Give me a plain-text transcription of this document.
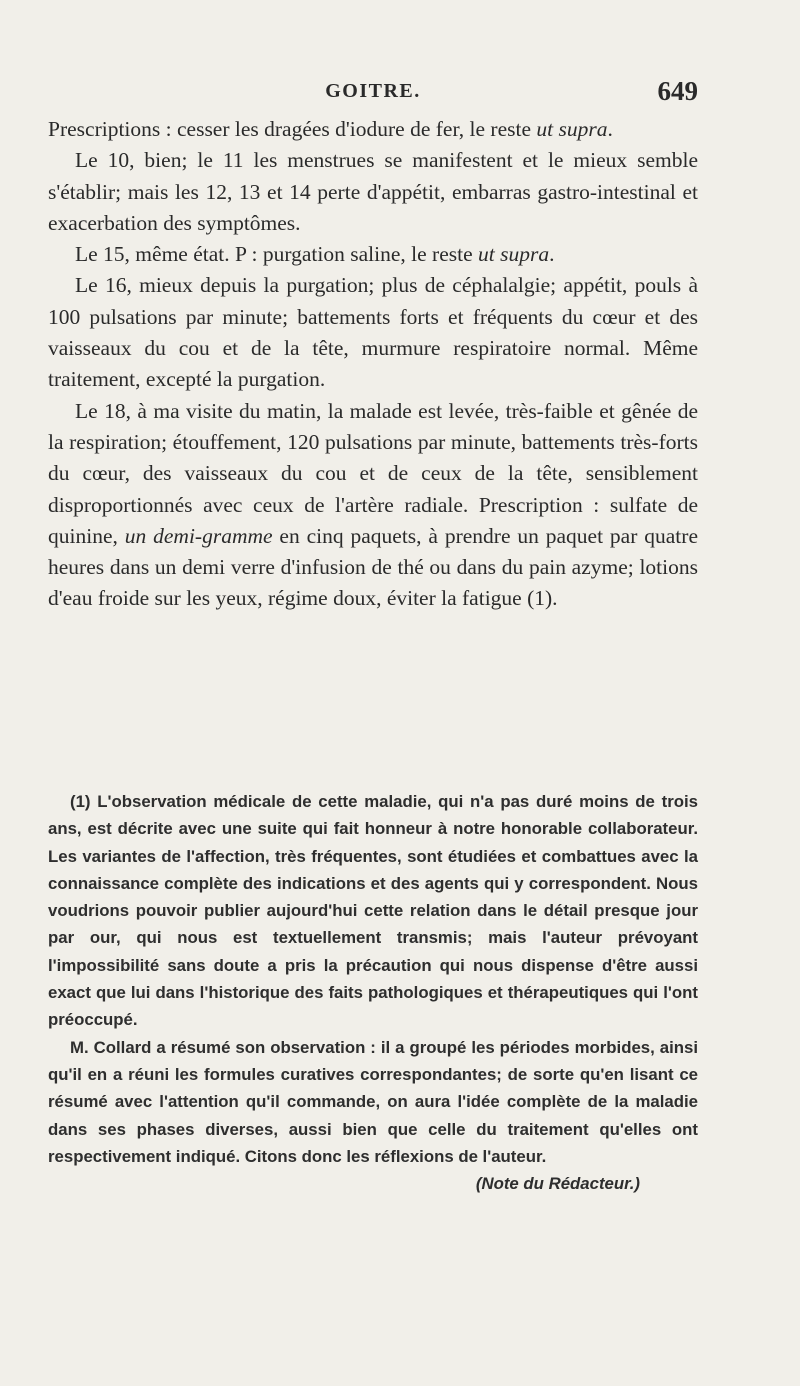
GOITRE.	649

Prescriptions : cesser les dragées d'iodure de fer, le reste ut supra.

Le 10, bien; le 11 les menstrues se manifestent et le mieux semble s'établir; mais les 12, 13 et 14 perte d'appétit, embarras gastro-intestinal et exacerbation des symptômes.

Le 15, même état. P : purgation saline, le reste ut supra.

Le 16, mieux depuis la purgation; plus de céphalalgie; appétit, pouls à 100 pulsations par minute; battements forts et fréquents du cœur et des vaisseaux du cou et de la tête, murmure respiratoire normal. Même traitement, excepté la purgation.

Le 18, à ma visite du matin, la malade est levée, très-faible et gênée de la respiration; étouffement, 120 pulsations par minute, battements très-forts du cœur, des vaisseaux du cou et de ceux de la tête, sensiblement disproportionnés avec ceux de l'artère radiale. Prescription : sulfate de quinine, un demi-gramme en cinq paquets, à prendre un paquet par quatre heures dans un demi verre d'infusion de thé ou dans du pain azyme; lotions d'eau froide sur les yeux, régime doux, éviter la fatigue (1).

(1) L'observation médicale de cette maladie, qui n'a pas duré moins de trois ans, est décrite avec une suite qui fait honneur à notre honorable collaborateur. Les variantes de l'affection, très fréquentes, sont étudiées et combattues avec la connaissance complète des indications et des agents qui y correspondent. Nous voudrions pouvoir publier aujourd'hui cette relation dans le détail presque jour par our, qui nous est textuellement transmis; mais l'auteur prévoyant l'impossibilité sans doute a pris la précaution qui nous dispense d'être aussi exact que lui dans l'historique des faits pathologiques et thérapeutiques qui l'ont préoccupé.

M. Collard a résumé son observation : il a groupé les périodes morbides, ainsi qu'il en a réuni les formules curatives correspondantes; de sorte qu'en lisant ce résumé avec l'attention qu'il commande, on aura l'idée complète de la maladie dans ses phases diverses, aussi bien que celle du traitement qu'elles ont respectivement indiqué. Citons donc les réflexions de l'auteur.

(Note du Rédacteur.)
